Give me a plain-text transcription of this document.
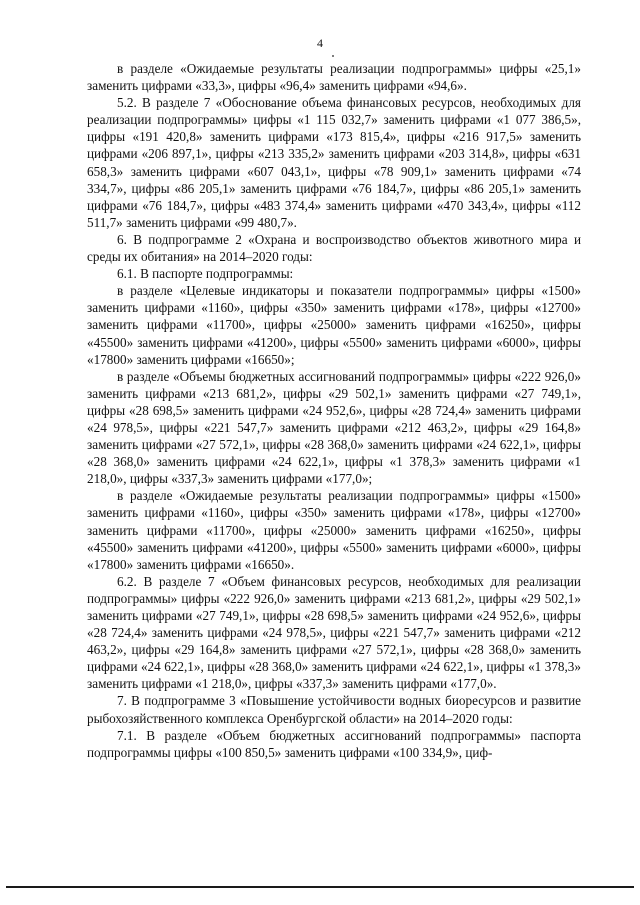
4

в разделе «Ожидаемые результаты реализации подпрограммы» цифры «25,1» заменить цифрами «33,3», цифры «96,4» заменить цифрами «94,6».

5.2. В разделе 7 «Обоснование объема финансовых ресурсов, необходимых для реализации подпрограммы» цифры «1 115 032,7» заменить цифрами «1 077 386,5», цифры «191 420,8» заменить цифрами «173 815,4», цифры «216 917,5» заменить цифрами «206 897,1», цифры «213 335,2» заменить цифрами «203 314,8», цифры «631 658,3» заменить цифрами «607 043,1», цифры «78 909,1» заменить цифрами «74 334,7», цифры «86 205,1» заменить цифрами «76 184,7», цифры «86 205,1» заменить цифрами «76 184,7», цифры «483 374,4» заменить цифрами «470 343,4», цифры «112 511,7» заменить цифрами «99 480,7».

6. В подпрограмме 2 «Охрана и воспроизводство объектов животного мира и среды их обитания» на 2014–2020 годы:

6.1. В паспорте подпрограммы:

в разделе «Целевые индикаторы и показатели подпрограммы» цифры «1500» заменить цифрами «1160», цифры «350» заменить цифрами «178», цифры «12700» заменить цифрами «11700», цифры «25000» заменить цифрами «16250», цифры «45500» заменить цифрами «41200», цифры «5500» заменить цифрами «6000», цифры «17800» заменить цифрами «16650»;

в разделе «Объемы бюджетных ассигнований подпрограммы» цифры «222 926,0» заменить цифрами «213 681,2», цифры «29 502,1» заменить цифрами «27 749,1», цифры «28 698,5» заменить цифрами «24 952,6», цифры «28 724,4» заменить цифрами «24 978,5», цифры «221 547,7» заменить цифрами «212 463,2», цифры «29 164,8» заменить цифрами «27 572,1», цифры «28 368,0» заменить цифрами «24 622,1», цифры «28 368,0» заменить цифрами «24 622,1», цифры «1 378,3» заменить цифрами «1 218,0», цифры «337,3» заменить цифрами «177,0»;

в разделе «Ожидаемые результаты реализации подпрограммы» цифры «1500» заменить цифрами «1160», цифры «350» заменить цифрами «178», цифры «12700» заменить цифрами «11700», цифры «25000» заменить цифрами «16250», цифры «45500» заменить цифрами «41200», цифры «5500» заменить цифрами «6000», цифры «17800» заменить цифрами «16650».

6.2. В разделе 7 «Объем финансовых ресурсов, необходимых для реализации подпрограммы» цифры «222 926,0» заменить цифрами «213 681,2», цифры «29 502,1» заменить цифрами «27 749,1», цифры «28 698,5» заменить цифрами «24 952,6», цифры «28 724,4» заменить цифрами «24 978,5», цифры «221 547,7» заменить цифрами «212 463,2», цифры «29 164,8» заменить цифрами «27 572,1», цифры «28 368,0» заменить цифрами «24 622,1», цифры «28 368,0» заменить цифрами «24 622,1», цифры «1 378,3» заменить цифрами «1 218,0», цифры «337,3» заменить цифрами «177,0».

7. В подпрограмме 3 «Повышение устойчивости водных биоресурсов и развитие рыбохозяйственного комплекса Оренбургской области» на 2014–2020 годы:

7.1. В разделе «Объем бюджетных ассигнований подпрограммы» паспорта подпрограммы цифры «100 850,5» заменить цифрами «100 334,9», циф-
